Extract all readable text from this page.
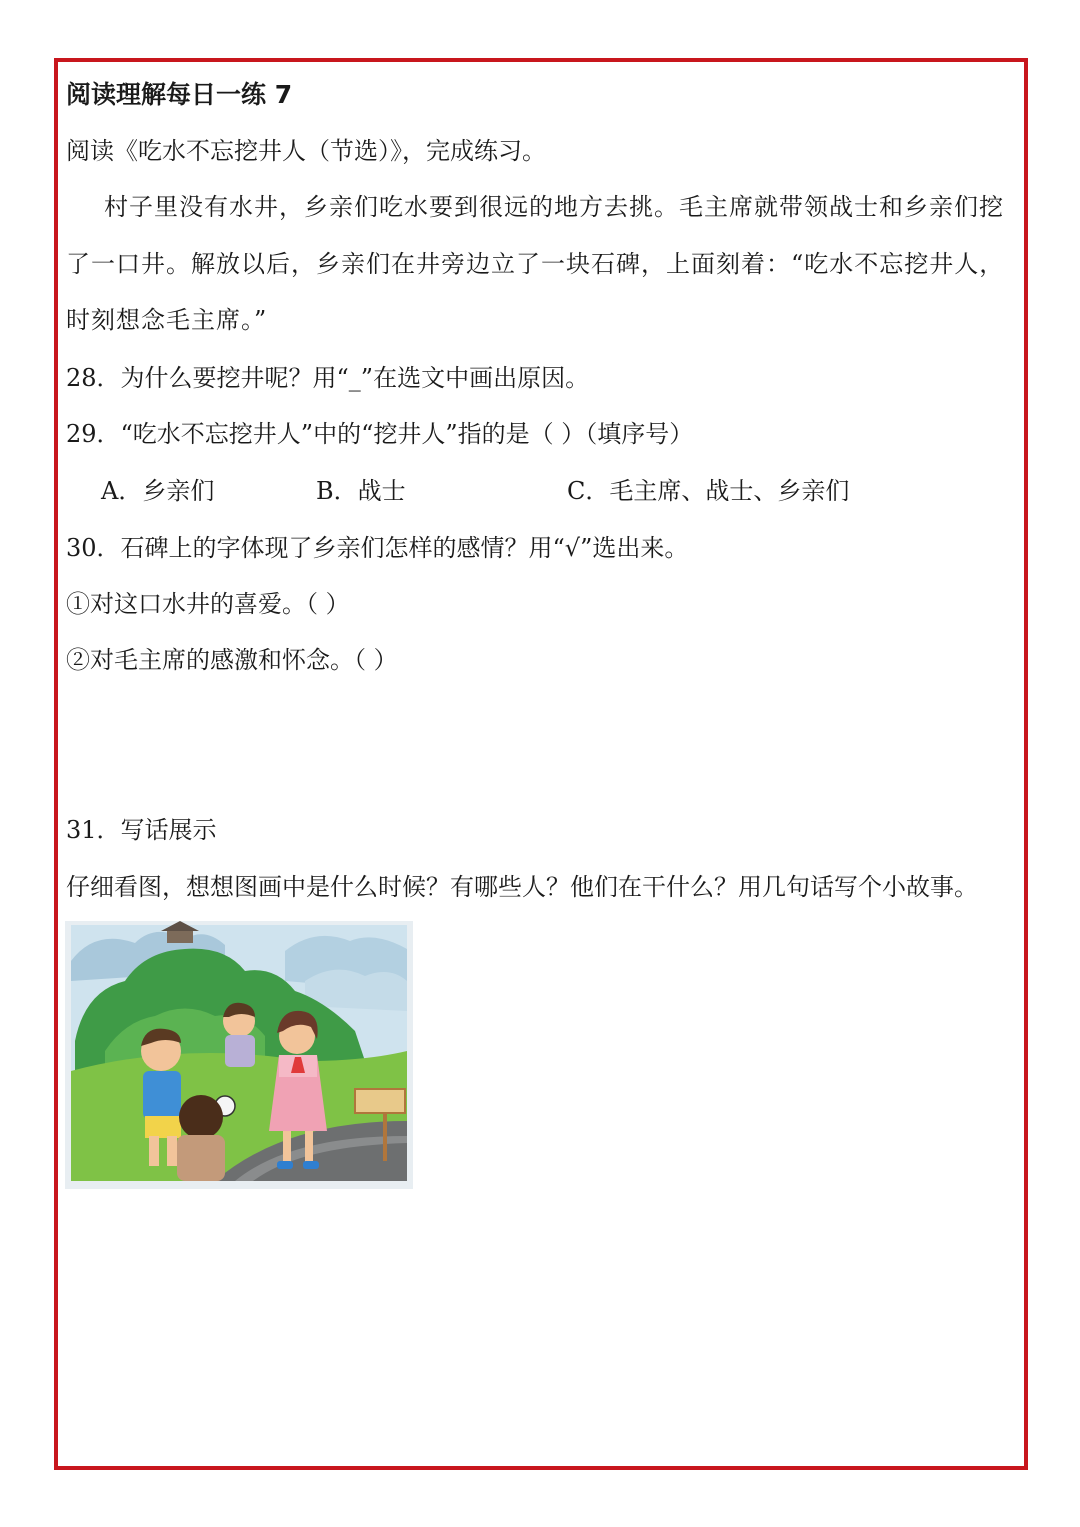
阅读理解每日一练 7
阅读《吃水不忘挖井人（节选）》，完成练习。
村子里没有水井，乡亲们吃水要到很远的地方去挑。毛主席就带领战士和乡亲们挖
了一口井。解放以后，乡亲们在井旁边立了一块石碑，上面刻着：“吃水不忘挖井人，
时刻想念毛主席。”
28．为什么要挖井呢？用“_”在选文中画出原因。
29．“吃水不忘挖井人”中的“挖井人”指的是（ ）（填序号）
A．乡亲们	B．战士	C．毛主席、战士、乡亲们
30．石碑上的字体现了乡亲们怎样的感情？用“√”选出来。
①对这口水井的喜爱。（ ）
②对毛主席的感激和怀念。（ ）
31．写话展示
仔细看图，想想图画中是什么时候？有哪些人？他们在干什么？用几句话写个小故事。
